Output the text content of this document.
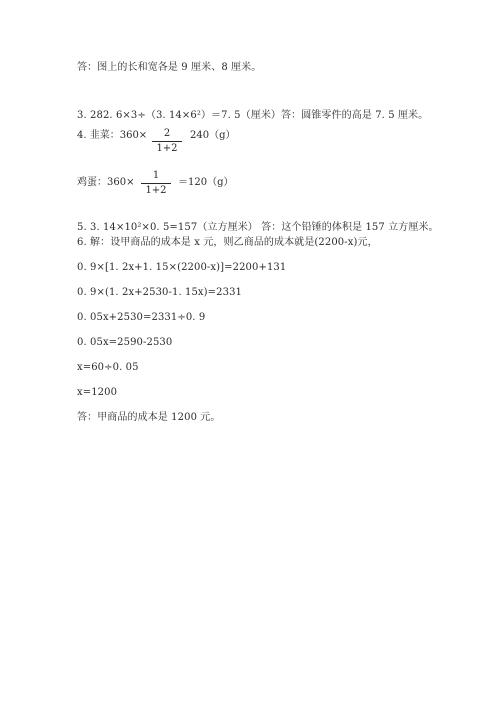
答：图上的长和宽各是 9 厘米、8 厘米。
3. 282. 6×3÷（3. 14×6²）＝7. 5（厘米）答：圆锥零件的高是 7. 5 厘米。
4. 韭菜：360×	2
1+2
240（g）
鸡蛋：360×
1
1+2
＝120（g）
5. 3. 14×10²×0. 5=157（立方厘米） 答：这个铅锤的体积是 157 立方厘米。
6. 解：设甲商品的成本是 x 元，则乙商品的成本就是(2200-x)元，
0. 9×[1. 2x+1. 15×(2200-x)]=2200+131
0. 9×(1. 2x+2530-1. 15x)=2331
0. 05x+2530=2331÷0. 9
0. 05x=2590-2530
x=60÷0. 05
x=1200
答：甲商品的成本是 1200 元。
